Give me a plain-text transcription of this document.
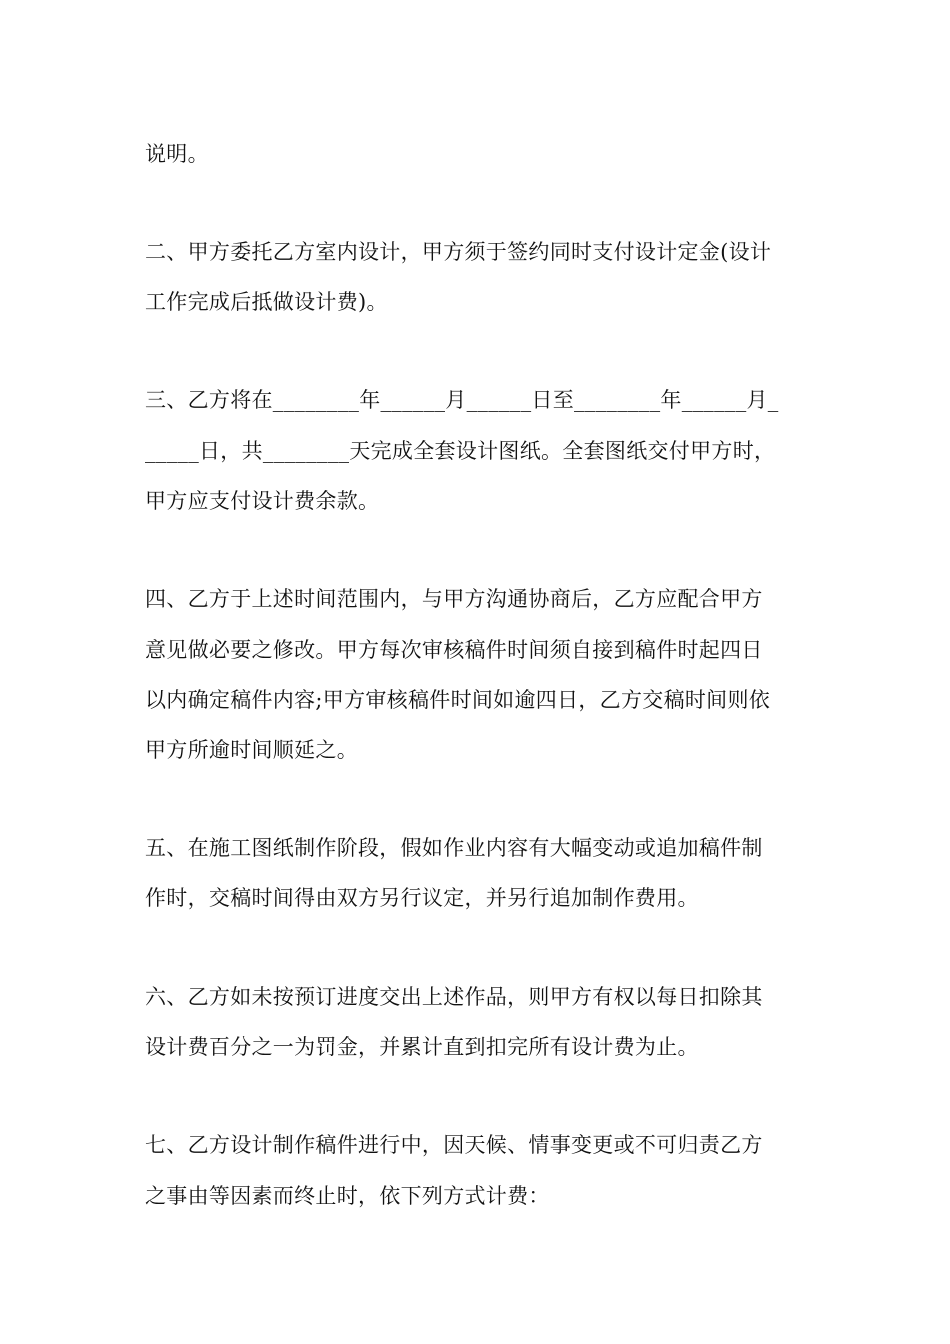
说明。
二、甲方委托乙方室内设计，甲方须于签约同时支付设计定金(设计
工作完成后抵做设计费)。
三、乙方将在________年______月______日至________年______月_
_____日，共________天完成全套设计图纸。全套图纸交付甲方时，
甲方应支付设计费余款。
四、乙方于上述时间范围内，与甲方沟通协商后，乙方应配合甲方
意见做必要之修改。甲方每次审核稿件时间须自接到稿件时起四日
以内确定稿件内容;甲方审核稿件时间如逾四日，乙方交稿时间则依
甲方所逾时间顺延之。
五、在施工图纸制作阶段，假如作业内容有大幅变动或追加稿件制
作时，交稿时间得由双方另行议定，并另行追加制作费用。
六、乙方如未按预订进度交出上述作品，则甲方有权以每日扣除其
设计费百分之一为罚金，并累计直到扣完所有设计费为止。
七、乙方设计制作稿件进行中，因天候、情事变更或不可归责乙方
之事由等因素而终止时，依下列方式计费：
